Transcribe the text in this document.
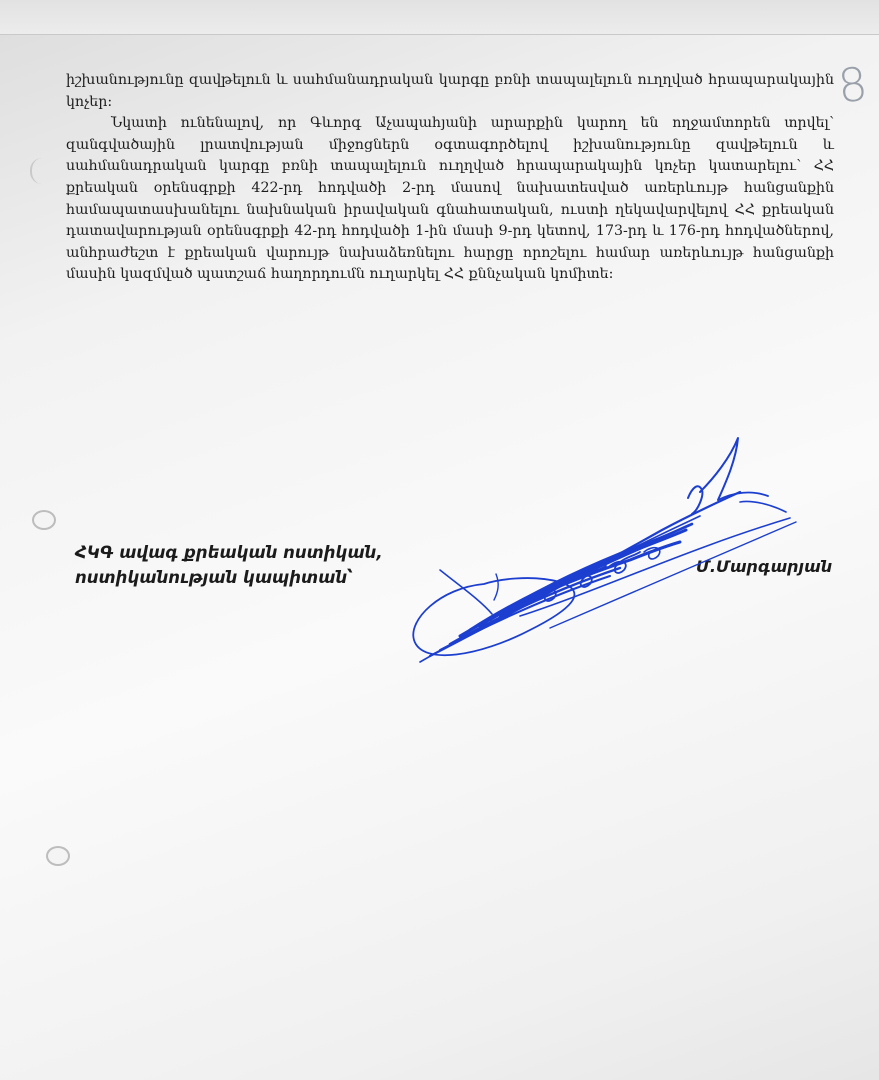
8

իշխանությունը զավթելուն և սահմանադրական կարգը բռնի տապալելուն ուղղված հրապարակային կոչեր:

Նկատի ունենալով, որ Գևորգ Աչապահյանի արարքին կարող են ողջամտորեն տրվել՝ զանգվածային լրատվության միջոցներն օգտագործելով իշխանությունը զավթելուն և սահմանադրական կարգը բռնի տապալելուն ուղղված հրապարակային կոչեր կատարելու՝ ՀՀ քրեական օրենսգրքի 422-րդ հոդվածի 2-րդ մասով նախատեսված առերևույթ հանցանքին համապատասխանելու նախնական իրավական գնահատական, ուստի ղեկավարվելով ՀՀ քրեական դատավարության օրենսգրքի 42-րդ հոդվածի 1-ին մասի 9-րդ կետով, 173-րդ և 176-րդ հոդվածներով, անհրաժեշտ է քրեական վարույթ նախաձեռնելու հարցը որոշելու համար առերևույթ հանցանքի մասին կազմված պատշաճ հաղորդումն ուղարկել ՀՀ քննչական կոմիտե:

ՀԿԳ ավագ քրեական ոստիկան,
ոստիկանության կապիտան՝
Մ.Մարգարյան
